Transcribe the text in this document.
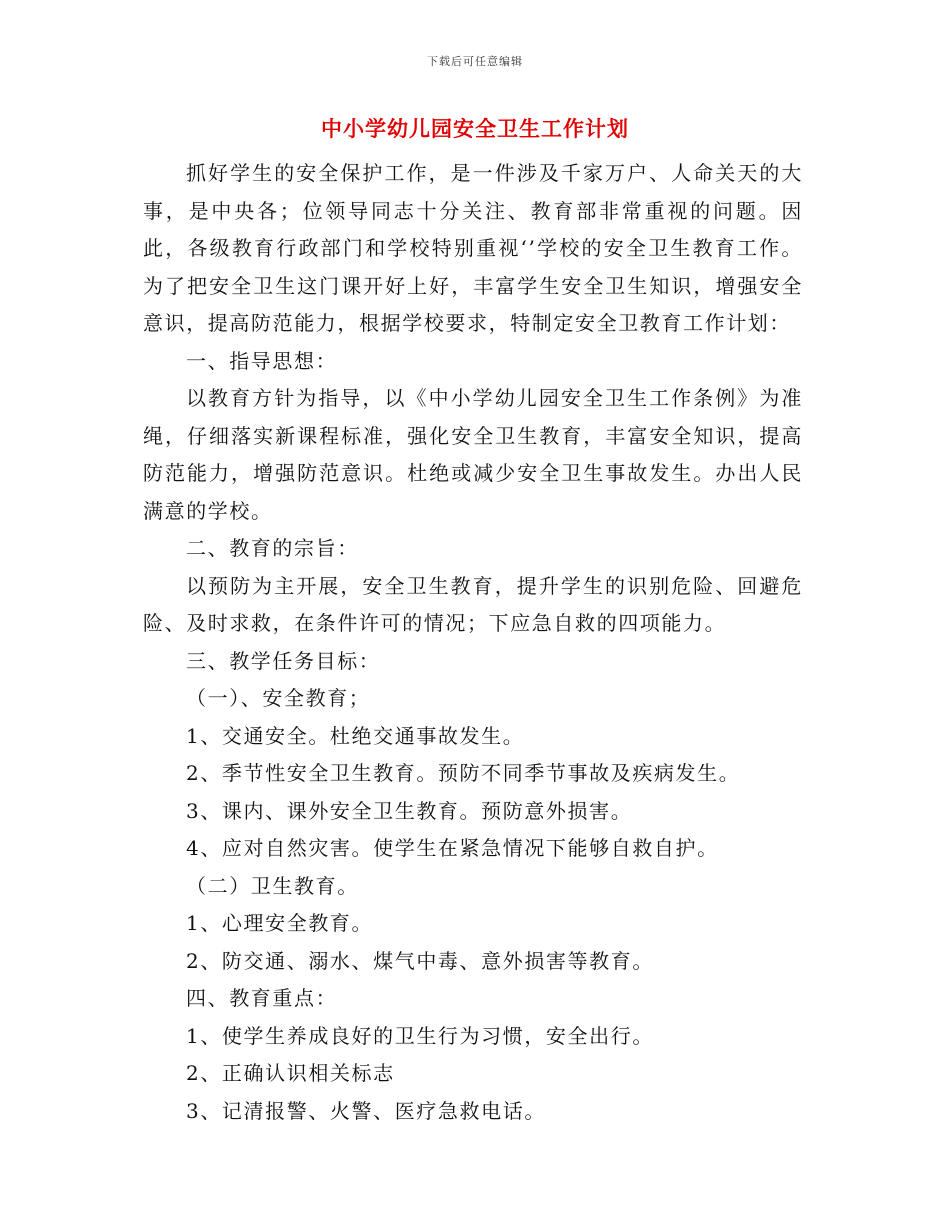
下载后可任意编辑
中小学幼儿园安全卫生工作计划

抓好学生的安全保护工作，是一件涉及千家万户、人命关天的大事，是中央各；位领导同志十分关注、教育部非常重视的问题。因此，各级教育行政部门和学校特别重视‘’学校的安全卫生教育工作。为了把安全卫生这门课开好上好，丰富学生安全卫生知识，增强安全意识，提高防范能力，根据学校要求，特制定安全卫教育工作计划：

一、指导思想：

以教育方针为指导，以《中小学幼儿园安全卫生工作条例》为准绳，仔细落实新课程标准，强化安全卫生教育，丰富安全知识，提高防范能力，增强防范意识。杜绝或减少安全卫生事故发生。办出人民满意的学校。

二、教育的宗旨：

以预防为主开展，安全卫生教育，提升学生的识别危险、回避危险、及时求救，在条件许可的情况；下应急自救的四项能力。

三、教学任务目标：

（一）、安全教育；

1、交通安全。杜绝交通事故发生。

2、季节性安全卫生教育。预防不同季节事故及疾病发生。

3、课内、课外安全卫生教育。预防意外损害。

4、应对自然灾害。使学生在紧急情况下能够自救自护。

（二）卫生教育。

1、心理安全教育。

2、防交通、溺水、煤气中毒、意外损害等教育。

四、教育重点：

1、使学生养成良好的卫生行为习惯，安全出行。

2、正确认识相关标志

3、记清报警、火警、医疗急救电话。
